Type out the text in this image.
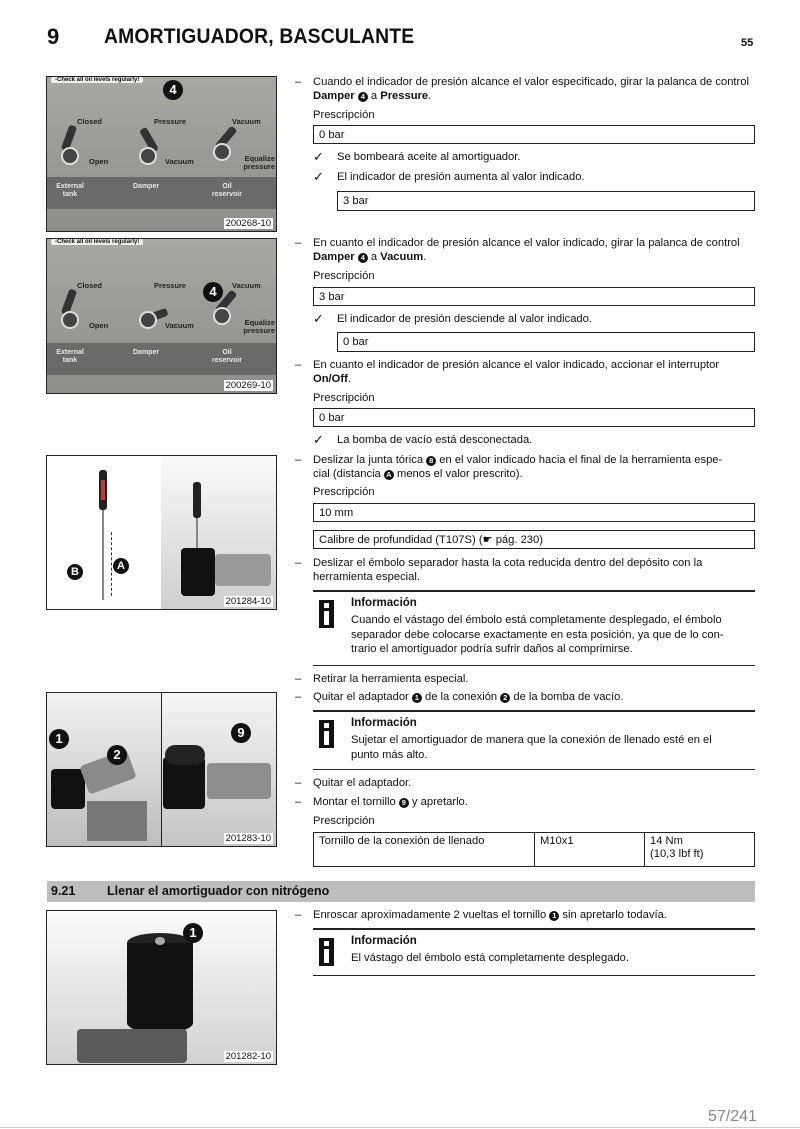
9 AMORTIGUADOR, BASCULANTE	55
-Check all oil levels regularly!
Closed	Pressure	Vacuum
Open	Vacuum	Equalize pressure
External tank
Damper	Oil reservoir
4
200268-10
-Check all oil levels regularly!
Closed	Pressure	Vacuum
Open	Vacuum	Equalize pressure
External tank
Damper	Oil reservoir
4
200269-10
B	A
201284-10
1
2
9
201283-10
1
201282-10
– Cuando el indicador de presión alcance el valor especificado, girar la palanca de control Damper 4 a Pressure.
Prescripción
0 bar
✓ Se bombeará aceite al amortiguador.
✓ El indicador de presión aumenta al valor indicado.
3 bar
– En cuanto el indicador de presión alcance el valor indicado, girar la palanca de control Damper 4 a Vacuum.
Prescripción
3 bar
✓ El indicador de presión desciende al valor indicado.
0 bar
– En cuanto el indicador de presión alcance el valor indicado, accionar el interruptor On/Off.
Prescripción
0 bar
✓ La bomba de vacío está desconectada.
– Deslizar la junta tórica 8 en el valor indicado hacia el final de la herramienta espe-
cial (distancia A menos el valor prescrito).
Prescripción
10 mm
Calibre de profundidad (T107S) (☛ pág. 230)
– Deslizar el émbolo separador hasta la cota reducida dentro del depósito con la
herramienta especial.
Información
Cuando el vástago del émbolo está completamente desplegado, el émbolo
separador debe colocarse exactamente en esta posición, ya que de lo con-
trario el amortiguador podría sufrir daños al comprimirse.
– Retirar la herramienta especial.
– Quitar el adaptador 1 de la conexión 2 de la bomba de vacío.
Información
Sujetar el amortiguador de manera que la conexión de llenado esté en el
punto más alto.
– Quitar el adaptador.
– Montar el tornillo 9 y apretarlo.
Prescripción
Tornillo de la conexión de llenado	M10x1	14 Nm
(10,3 lbf ft)
9.21	Llenar el amortiguador con nitrógeno
– Enroscar aproximadamente 2 vueltas el tornillo 1 sin apretarlo todavía.
Información
El vástago del émbolo está completamente desplegado.
57/241
